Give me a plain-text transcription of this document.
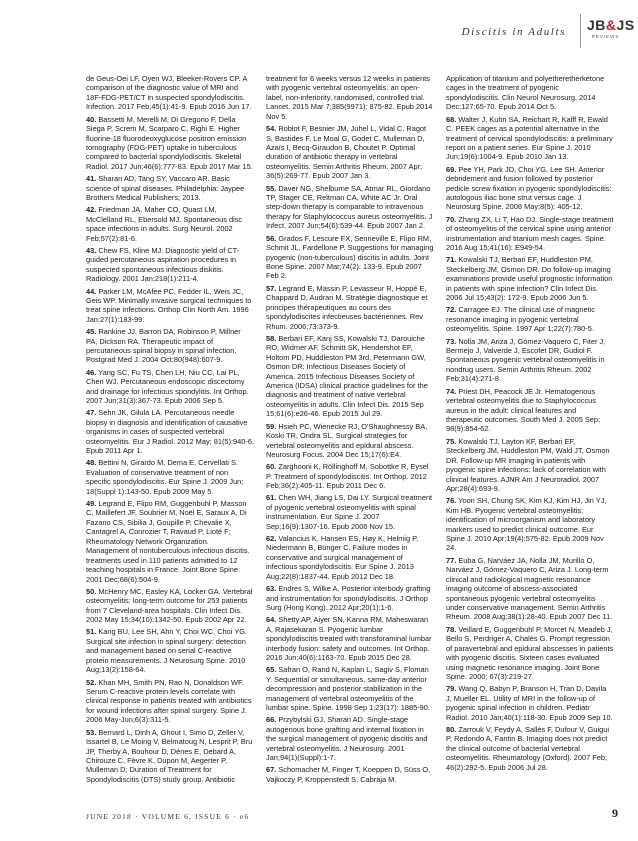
Discitis in Adults JB&JS
REVIEWS
de Geus-Oei LF, Oyen WJ, Bleeker-Rovers CP. A comparison of the diagnostic value of MRI and 18F-FDG-PET/CT in suspected spondylodiscitis. Infection. 2017 Feb;45(1):41-9. Epub 2016 Jun 17.
40. Bassetti M, Merelli M, Di Gregorio F, Della Siega P, Screm M, Scarparo C, Righi E. Higher fluorine-18 fluorodeoxyglucose positron emission tomography (FDG-PET) uptake in tuberculous compared to bacterial spondylodiscitis. Skeletal Radiol. 2017 Jun;46(6):777-83. Epub 2017 Mar 15.
41. Sharan AD, Tang SY, Vaccaro AR. Basic science of spinal diseases. Philadelphia: Jaypee Brothers Medical Publishers; 2013.
42. Friedman JA, Maher CO, Quast LM, McClelland RL, Ebersold MJ. Spontaneous disc space infections in adults. Surg Neurol. 2002 Feb;57(2):81-6.
43. Chew FS, Kline MJ. Diagnostic yield of CT-guided percutaneous aspiration procedures in suspected spontaneous infectious diskitis. Radiology. 2001 Jan;218(1):211-4.
44. Parker LM, McAfee PC, Fedder IL, Weis JC, Geis WP. Minimally invasive surgical techniques to treat spine infections. Orthop Clin North Am. 1996 Jan;27(1):183-99.
45. Rankine JJ, Barron DA, Robinson P, Millner PA, Dickson RA. Therapeutic impact of percutaneous spinal biopsy in spinal infection. Postgrad Med J. 2004 Oct;80(948):607-9.
46. Yang SC, Fu TS, Chen LH, Niu CC, Lai PL, Chen WJ. Percutaneous endoscopic discectomy and drainage for infectious spondylitis. Int Orthop. 2007 Jun;31(3):367-73. Epub 2006 Sep 5.
47. Sehn JK, Gilula LA. Percutaneous needle biopsy in diagnosis and identification of causative organisms in cases of suspected vertebral osteomyelitis. Eur J Radiol. 2012 May; 81(5):940-6. Epub 2011 Apr 1.
48. Bettini N, Girardo M, Dema E, Cervellati S. Evaluation of conservative treatment of non specific spondylodiscitis. Eur Spine J. 2009 Jun; 18(Suppl 1):143-50. Epub 2009 May 5.
49. Legrand E, Flipo RM, Guggenbuhl P, Masson C, Maillefert JF, Soubrier M, Noël E, Saraux A, Di Fazano CS, Sibilia J, Goupille P, Chevalie X, Cantagrel A, Conrozier T, Ravaud P, Lioté F; Rheumatology Network Organization. Management of nontuberculous infectious discitis. treatments used in 110 patients admitted to 12 teaching hospitals in France. Joint Bone Spine. 2001 Dec;68(6):504-9.
50. McHenry MC, Easley KA, Locker GA. Vertebral osteomyelitis: long-term outcome for 253 patients from 7 Cleveland-area hospitals. Clin Infect Dis. 2002 May 15;34(10):1342-50. Epub 2002 Apr 22.
51. Kang BU, Lee SH, Ahn Y, Choi WC, Choi YG. Surgical site infection in spinal surgery: detection and management based on serial C-reactive protein measurements. J Neurosurg Spine. 2010 Aug;13(2):158-64.
52. Khan MH, Smith PN, Rao N, Donaldson WF. Serum C-reactive protein levels correlate with clinical response in patients treated with antibiotics for wound infections after spinal surgery. Spine J. 2006 May-Jun;6(3):311-5.
53. Bernard L, Dinh A, Ghout I, Simo D, Zeller V, Issartel B, Le Moing V, Belmatoug N, Lesprit P, Bru JP, Therby A, Bouhour D, Dénes E, Debard A, Chirouze C, Fèvre K, Dupon M, Aegerter P, Mulleman D; Duration of Treatment for Spondylodiscitis (DTS) study group. Antibiotic
treatment for 6 weeks versus 12 weeks in patients with pyogenic vertebral osteomyelitis: an open-label, non-inferiority, randomised, controlled trial. Lancet. 2015 Mar 7;385(9971): 875-82. Epub 2014 Nov 5.
54. Roblot F, Besnier JM, Juhel L, Vidal C, Ragot S, Bastides F, Le Moal G, Godet C, Mulleman D, Azaïs I, Becq-Giraudon B, Choutet P. Optimal duration of antibiotic therapy in vertebral osteomyelitis. Semin Arthritis Rheum. 2007 Apr; 36(5):269-77. Epub 2007 Jan 3.
55. Daver NG, Shelburne SA, Atmar RL, Giordano TP, Stager CE, Reitman CA, White AC Jr. Oral step-down therapy is comparable to intravenous therapy for Staphylococcus aureus osteomyelitis. J Infect. 2007 Jun;54(6):539-44. Epub 2007 Jan 2.
56. Grados F, Lescure FX, Senneville E, Flipo RM, Schmit JL, Fardellone P. Suggestions for managing pyogenic (non-tuberculous) discitis in adults. Joint Bone Spine. 2007 Mar;74(2): 133-9. Epub 2007 Feb 2.
57. Legrand E, Massin P, Levasseur R, Hoppé E, Chappard D, Audran M. Stratégie diagnostique et principes thérapeutiques au cours des spondylodiscites infectieuses bactériennes. Rev Rhum. 2006;73:373-9.
58. Berbari EF, Kanj SS, Kowalski TJ, Darouiche RO, Widmer AF, Schmitt SK, Hendershot EF, Holtom PD, Huddleston PM 3rd, Petermann GW, Osmon DR; Infectious Diseases Society of America. 2015 Infectious Diseases Society of America (IDSA) clinical practice guidelines for the diagnosis and treatment of native vertebral osteomyelitis in adults. Clin Infect Dis. 2015 Sep 15;61(6):e26-46. Epub 2015 Jul 29.
59. Hsieh PC, Wienecke RJ, O'Shaughnessy BA, Koski TR, Ondra SL. Surgical strategies for vertebral osteomyelitis and epidural abscess. Neurosurg Focus. 2004 Dec 15;17(6):E4.
60. Zarghooni K, Röllinghoff M, Sobottke R, Eysel P. Treatment of spondylodiscitis. Int Orthop. 2012 Feb;36(2):405-11. Epub 2011 Dec 6.
61. Chen WH, Jiang LS, Dai LY. Surgical treatment of pyogenic vertebral osteomyelitis with spinal instrumentation. Eur Spine J. 2007 Sep;16(9):1307-16. Epub 2006 Nov 15.
62. Valancius K, Hansen ES, Høy K, Helmig P, Niedermann B, Bünger C. Failure modes in conservative and surgical management of infectious spondylodiscitis. Eur Spine J. 2013 Aug;22(8):1837-44. Epub 2012 Dec 18.
63. Endres S, Wilke A. Posterior interbody grafting and instrumentation for spondylodiscitis. J Orthop Surg (Hong Kong). 2012 Apr;20(1):1-6.
64. Shetty AP, Aiyer SN, Kanna RM, Maheswaran A, Rajasekaran S. Pyogenic lumbar spondylodiscitis treated with transforaminal lumbar interbody fusion: safety and outcomes. Int Orthop. 2016 Jun;40(6):1163-70. Epub 2015 Dec 28.
65. Safran O, Rand N, Kaplan L, Sagiv S, Floman Y. Sequential or simultaneous, same-day anterior decompression and posterior stabilization in the management of vertebral osteomyelitis of the lumbar spine. Spine. 1998 Sep 1;23(17): 1885-90.
66. Przybylski GJ, Sharan AD. Single-stage autogenous bone grafting and internal fixation in the surgical management of pyogenic discitis and vertebral osteomyelitis. J Neurosurg. 2001 Jan;94(1)(Suppl):1-7.
67. Schomacher M, Finger T, Koeppen D, Süss O, Vajkoczy P, Kroppenstedt S, Cabraja M.
Application of titanium and polyetheretherketone cages in the treatment of pyogenic spondylodiscitis. Clin Neurol Neurosurg. 2014 Dec;127:65-70. Epub 2014 Oct 5.
68. Walter J, Kuhn SA, Reichart R, Kalff R, Ewald C. PEEK cages as a potential alternative in the treatment of cervical spondylodiscitis: a preliminary report on a patient series. Eur Spine J. 2010 Jun;19(6):1004-9. Epub 2010 Jan 13.
69. Pee YH, Park JD, Choi YG, Lee SH. Anterior debridement and fusion followed by posterior pedicle screw fixation in pyogenic spondylodiscitis: autologous iliac bone strut versus cage. J Neurosurg Spine. 2008 May;8(5): 405-12.
70. Zhang ZX, Li T, Hao DJ. Single-stage treatment of osteomyelitis of the cervical spine using anterior instrumentation and titanium mesh cages. Spine. 2016 Aug 15;41(16): E949-54.
71. Kowalski TJ, Berbari EF, Huddleston PM, Steckelberg JM, Osmon DR. Do follow-up imaging examinations provide useful prognostic information in patients with spine infection? Clin Infect Dis. 2006 Jul 15;43(2): 172-9. Epub 2006 Jun 5.
72. Carragee EJ. The clinical use of magnetic resonance imaging in pyogenic vertebral osteomyelitis. Spine. 1997 Apr 1;22(7):780-5.
73. Nolla JM, Ariza J, Gómez-Vaquero C, Fiter J, Bermejo J, Valverde J, Escofet DR, Gudiol F. Spontaneous pyogenic vertebral osteomyelitis in nondrug users. Semin Arthritis Rheum. 2002 Feb;31(4):271-8.
74. Priest DH, Peacock JE Jr. Hematogenous vertebral osteomyelitis due to Staphylococcus aureus in the adult: clinical features and therapeutic outcomes. South Med J. 2005 Sep; 98(9):854-62.
75. Kowalski TJ, Layton KF, Berbari EF, Steckelberg JM, Huddleston PM, Wald JT, Osmon DR. Follow-up MR imaging in patients with pyogenic spine infections: lack of correlation with clinical features. AJNR Am J Neuroradiol. 2007 Apr;28(4):693-9.
76. Yoon SH, Chung SK, Kim KJ, Kim HJ, Jin YJ, Kim HB. Pyogenic vertebral osteomyelitis: identification of microorganism and laboratory markers used to predict clinical outcome. Eur Spine J. 2010 Apr;19(4):575-82. Epub 2009 Nov 24.
77. Euba G, Narváez JA, Nolla JM, Murillo O, Narváez J, Gómez-Vaquero C, Ariza J. Long-term clinical and radiological magnetic resonance imaging outcome of abscess-associated spontaneous pyogenic vertebral osteomyelitis under conservative management. Semin Arthritis Rheum. 2008 Aug;38(1):28-40. Epub 2007 Dec 11.
78. Veillard E, Guggenbuhl P, Morcet N, Meadeb J, Bello S, Perdriger A, Chalès G. Prompt regression of paravertebral and epidural abscesses in patients with pyogenic discitis. Sixteen cases evaluated using magnetic resonance imaging. Joint Bone Spine. 2000; 67(3):219-27.
79. Wang Q, Babyn P, Branson H, Tran D, Davila J, Mueller EL. Utility of MRI in the follow-up of pyogenic spinal infection in children. Pediatr Radiol. 2010 Jan;40(1):118-30. Epub 2009 Sep 10.
80. Zarrouk V, Feydy A, Sallès F, Dufour V, Guigui P, Redondo A, Fantin B. Imaging does not predict the clinical outcome of bacterial vertebral osteomyelitis. Rheumatology (Oxford). 2007 Feb; 46(2):292-5. Epub 2006 Jul 28.
JUNE 2018 · VOLUME 6, ISSUE 6 · e6	9
